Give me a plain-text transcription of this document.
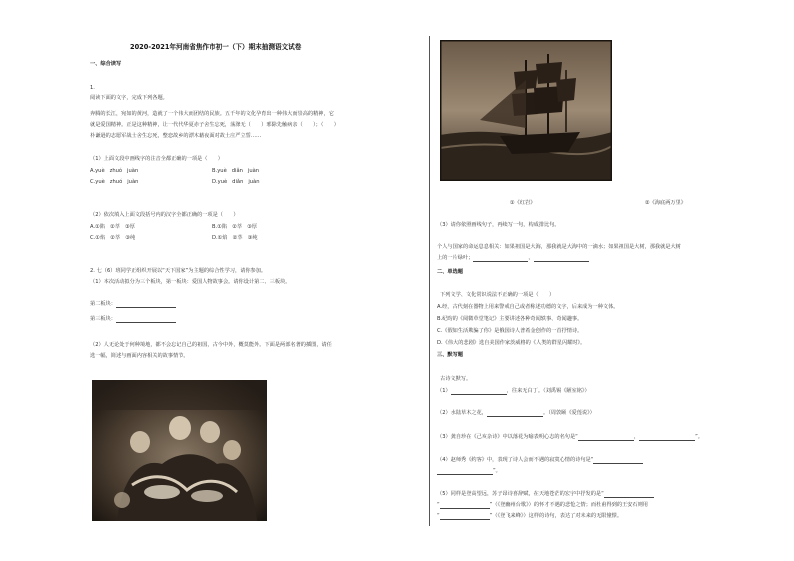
2020-2021年河南省焦作市初一（下）期末抽测语文试卷
一、综合读写
1.
阅读下面的文字，完成下列各题。
奔腾的长江，宛如的黄河，造就了一个伟大而团结的民族。五千年的文化孕育出一种伟大而崇高的精神，它
就是爱国精神。正是这种精神，让一代代华夏赤子舍生忘死，荡涤无（　　）邪除先触病亲（　　）；（　　）
朴谦逊的志愿军战士舍生忘死，整恋故乡的漂木藉夜面对故土庄严立誓……
（1）上面文段中画线字的注音全都正确的一项是（　　）
A.yuè zhuó juàn	B.yuè diǎn juàn
C.yuè zhuó juàn	D.yuè diǎn juàn
（2）依次填入上面文段括号内的汉字全都正确的一项是（　　）
A.①陷　②萃　③厚	B.①陷　②萃　③厚
C.①焰　②萃　③纯	D.①焰　②萃　③纯
2. 七（6）班同学正组织开展以“天下国家”为主题的综合性学习，请你参加。
（1）本次活动拟分为三个板块，第一板块：爱国人物故事会。请你设计第二、三板块。
第二板块：
第三板块：
（2）人无论处于何种境地，都不会忘记自己的祖国，古今中外，概莫能外。下面是两部名著的插图，请任
选一幅，简述与画面内容相关的故事情节。
①《红岩》	②《海底两万里》
（3）请你依照画线句子，再续写一句，构成排比句。
个人与国家的命运息息相关：如果祖国是大海，那我就是大海中的一滴水；如果祖国是大树，那我就是大树
上的一片绿叶；	，
二、单选题
下列文学、文化常识说法不正确的一项是（　　）
A.经，古代刻在器物上用来警戒自己或者称述功德的文字，后来成为一种文体。
B.纪昀的《阅微草堂笔记》主要讲述各种奇闻轶事、奇闻趣事。
C.《假如生活欺骗了你》是俄国诗人普希金创作的一首抒情诗。
D.《伟大的悲剧》选自美国作家茨威格的《人类的群星闪耀时》。
三、默写题
古诗文默写。
（1）	，往来无白丁。（刘禹锡《陋室铭》）
（2）水陆草木之花，	。（周敦颐《爱莲说》）
（3）龚自珍在《己亥杂诗》中以落花为喻表明心志的名句是“	，	”。
（4）赵师秀《约客》中，表现了诗人会而不遇的寂寞心情的诗句是“
”。
（5）同样是登高望远，苏子昂诗喜辞赋，在天地苍茫的宏宇中抒发的是“
“	”（《登幽州台歌》）的怀才不遇的悲怆之情；而杜甫得到的王安石则用
“	”（《登飞来峰》）这样的诗句，表达了对未来的无限憧憬。
